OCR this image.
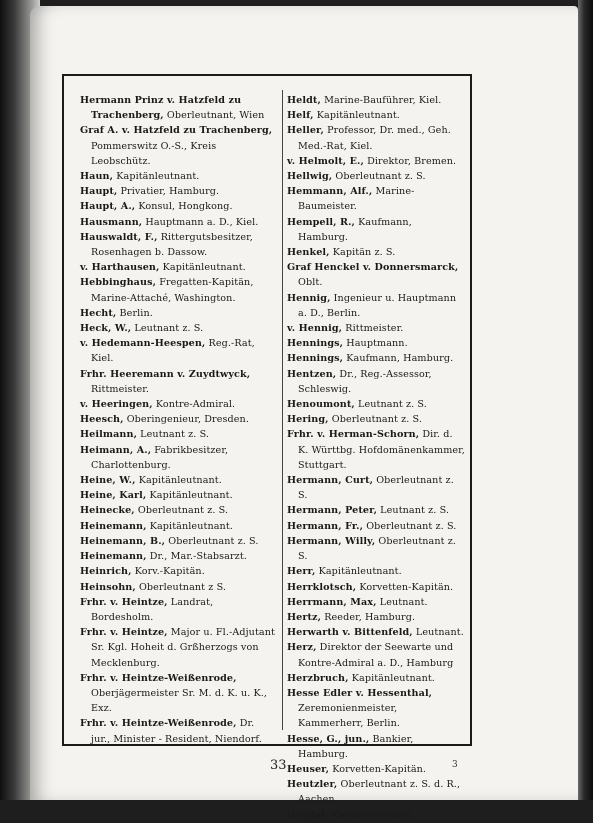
Hermann Prinz v. Hatzfeld zu Trachenberg, Oberleutnant, Wien
Graf A. v. Hatzfeld zu Trachenberg, Pommerswitz O.-S., Kreis Leobschütz.
Haun, Kapitänleutnant.
Haupt, Privatier, Hamburg.
Haupt, A., Konsul, Hongkong.
Hausmann, Hauptmann a. D., Kiel.
Hauswaldt, F., Rittergutsbesitzer, Rosenhagen b. Dassow.
v. Harthausen, Kapitänleutnant.
Hebbinghaus, Fregatten-Kapitän, Marine-Attaché, Washington.
Hecht, Berlin.
Heck, W., Leutnant z. S.
v. Hedemann-Heespen, Reg.-Rat, Kiel.
Frhr. Heeremann v. Zuydtwyck, Rittmeister.
v. Heeringen, Kontre-Admiral.
Heesch, Oberingenieur, Dresden.
Heilmann, Leutnant z. S.
Heimann, A., Fabrikbesitzer, Charlottenburg.
Heine, W., Kapitänleutnant.
Heine, Karl, Kapitänleutnant.
Heinecke, Oberleutnant z. S.
Heinemann, Kapitänleutnant.
Heinemann, B., Oberleutnant z. S.
Heinemann, Dr., Mar.-Stabsarzt.
Heinrich, Korv.-Kapitän.
Heinsohn, Oberleutnant z S.
Frhr. v. Heintze, Landrat, Bordesholm.
Frhr. v. Heintze, Major u. Fl.-Adjutant Sr. Kgl. Hoheit d. Grßherzogs von Mecklenburg.
Frhr. v. Heintze-Weißenrode, Oberjägermeister Sr. M. d. K. u. K., Exz.
Frhr. v. Heintze-Weißenrode, Dr. jur., Minister - Resident, Niendorf.
Heldt, Marine-Bauführer, Kiel.
Helf, Kapitänleutnant.
Heller, Professor, Dr. med., Geh. Med.-Rat, Kiel.
v. Helmolt, E., Direktor, Bremen.
Hellwig, Oberleutnant z. S.
Hemmann, Alf., Marine-Baumeister.
Hempell, R., Kaufmann, Hamburg.
Henkel, Kapitän z. S.
Graf Henckel v. Donnersmarck, Oblt.
Hennig, Ingenieur u. Hauptmann a. D., Berlin.
v. Hennig, Rittmeister.
Hennings, Hauptmann.
Hennings, Kaufmann, Hamburg.
Hentzen, Dr., Reg.-Assessor, Schleswig.
Henoumont, Leutnant z. S.
Hering, Oberleutnant z. S.
Frhr. v. Herman-Schorn, Dir. d. K. Württbg. Hofdomänenkammer, Stuttgart.
Hermann, Curt, Oberleutnant z. S.
Hermann, Peter, Leutnant z. S.
Hermann, Fr., Oberleutnant z. S.
Hermann, Willy, Oberleutnant z. S.
Herr, Kapitänleutnant.
Herrklotsch, Korvetten-Kapitän.
Herrmann, Max, Leutnant.
Hertz, Reeder, Hamburg.
Herwarth v. Bittenfeld, Leutnant.
Herz, Direktor der Seewarte und Kontre-Admiral a. D., Hamburg
Herzbruch, Kapitänleutnant.
Hesse Edler v. Hessenthal, Zeremonienmeister, Kammerherr, Berlin.
Hesse, G., jun., Bankier, Hamburg.
Heuser, Korvetten-Kapitän.
Heutzler, Oberleutnant z. S. d. R., Aachen.
Heydel, Kapitänleutnant.
33	3
